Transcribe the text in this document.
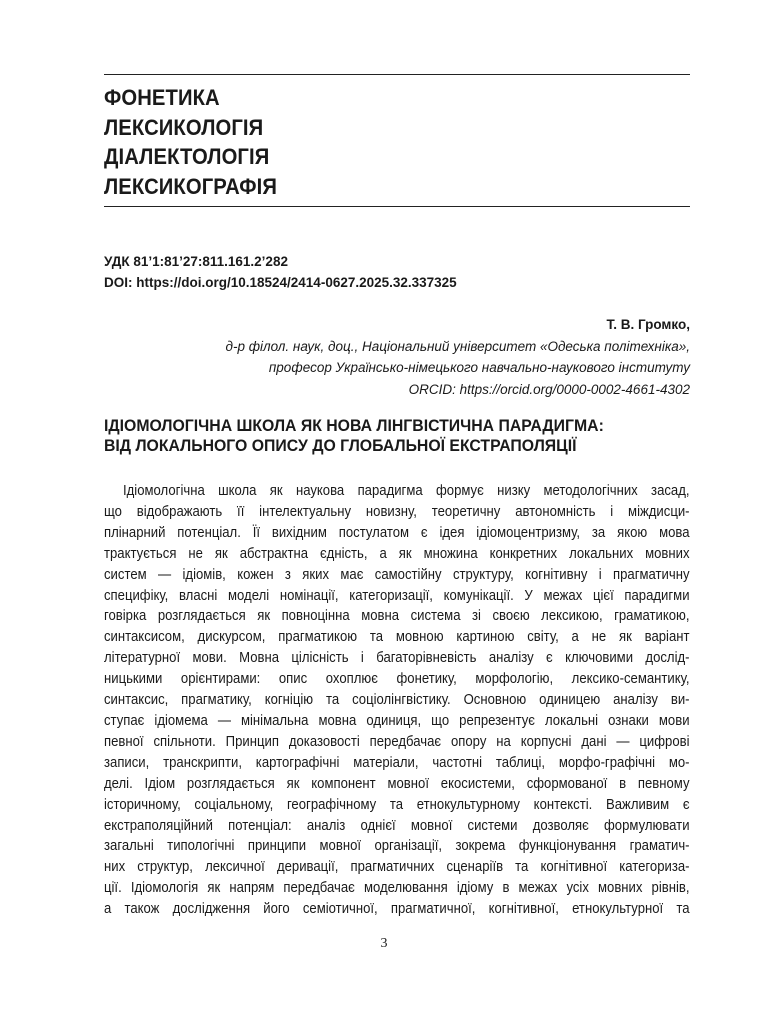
ФОНЕТИКА
ЛЕКСИКОЛОГІЯ
ДІАЛЕКТОЛОГІЯ
ЛЕКСИКОГРАФІЯ
УДК 81’1:81’27:811.161.2’282
DOI: https://doi.org/10.18524/2414-0627.2025.32.337325
Т. В. Громко,
д-р філол. наук, доц., Національний університет «Одеська політехніка»,
професор Українсько-німецького навчально-наукового інституту
ORCID: https://orcid.org/0000-0002-4661-4302
ІДІОМОЛОГІЧНА ШКОЛА ЯК НОВА ЛІНГВІСТИЧНА ПАРАДИГМА:
ВІД ЛОКАЛЬНОГО ОПИСУ ДО ГЛОБАЛЬНОЇ ЕКСТРАПОЛЯЦІЇ
Ідіомологічна школа як наукова парадигма формує низку методологічних засад,
що відображають її інтелектуальну новизну, теоретичну автономність і міждисци-
плінарний потенціал. Її вихідним постулатом є ідея ідіомоцентризму, за якою мова
трактується не як абстрактна єдність, а як множина конкретних локальних мовних
систем — ідіомів, кожен з яких має самостійну структуру, когнітивну і прагматичну
специфіку, власні моделі номінації, категоризації, комунікації. У межах цієї парадигми
говірка розглядається як повноцінна мовна система зі своєю лексикою, граматикою,
синтаксисом, дискурсом, прагматикою та мовною картиною світу, а не як варіант
літературної мови. Мовна цілісність і багаторівневість аналізу є ключовими дослід-
ницькими орієнтирами: опис охоплює фонетику, морфологію, лексико-семантику,
синтаксис, прагматику, когніцію та соціолінгвістику. Основною одиницею аналізу ви-
ступає ідіомема — мінімальна мовна одиниця, що репрезентує локальні ознаки мови
певної спільноти. Принцип доказовості передбачає опору на корпусні дані — цифрові
записи, транскрипти, картографічні матеріали, частотні таблиці, морфо-графічні мо-
делі. Ідіом розглядається як компонент мовної екосистеми, сформованої в певному
історичному, соціальному, географічному та етнокультурному контексті. Важливим є
екстраполяційний потенціал: аналіз однієї мовної системи дозволяє формулювати
загальні типологічні принципи мовної організації, зокрема функціонування граматич-
них структур, лексичної деривації, прагматичних сценаріїв та когнітивної категориза-
ції. Ідіомологія як напрям передбачає моделювання ідіому в межах усіх мовних рівнів,
а також дослідження його семіотичної, прагматичної, когнітивної, етнокультурної та
3
